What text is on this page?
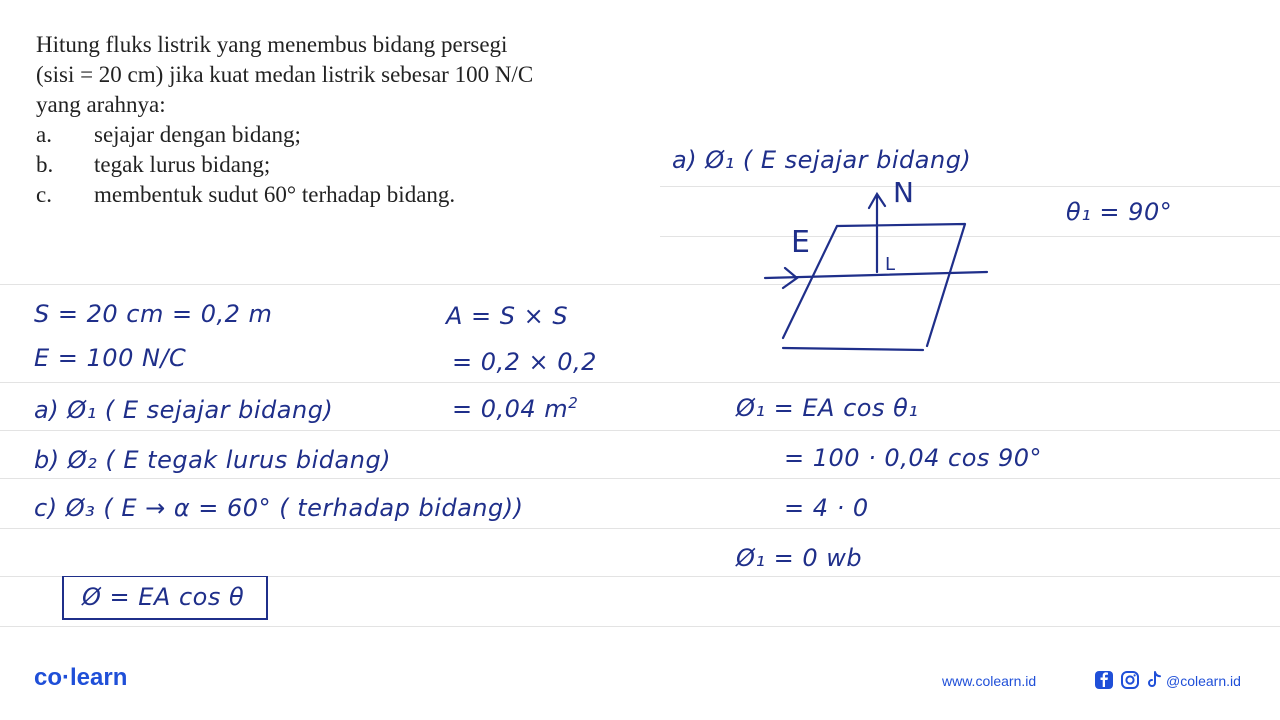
Hitung fluks listrik yang menembus bidang persegi

(sisi = 20 cm) jika kuat medan listrik sebesar 100 N/C

yang arahnya:

a.	sejajar dengan bidang;
b.	tegak lurus bidang;
c.	membentuk sudut 60° terhadap bidang.
S = 20 cm = 0,2 m
E = 100 N/C
a) Ø₁ ( E sejajar bidang)
b) Ø₂ ( E tegak lurus bidang)
c) Ø₃ ( E → α = 60° ( terhadap bidang))
Ø = EA cos θ
A = S × S
= 0,2 × 0,2
= 0,04 $m^2$
a) Ø₁ ( E sejajar bidang)
θ₁ = 90°
E
N
L
Ø₁ = EA cos θ₁
= 100 · 0,04 cos 90°
= 4 · 0
Ø₁ = 0 wb
co·learn	www.colearn.id	@colearn.id
